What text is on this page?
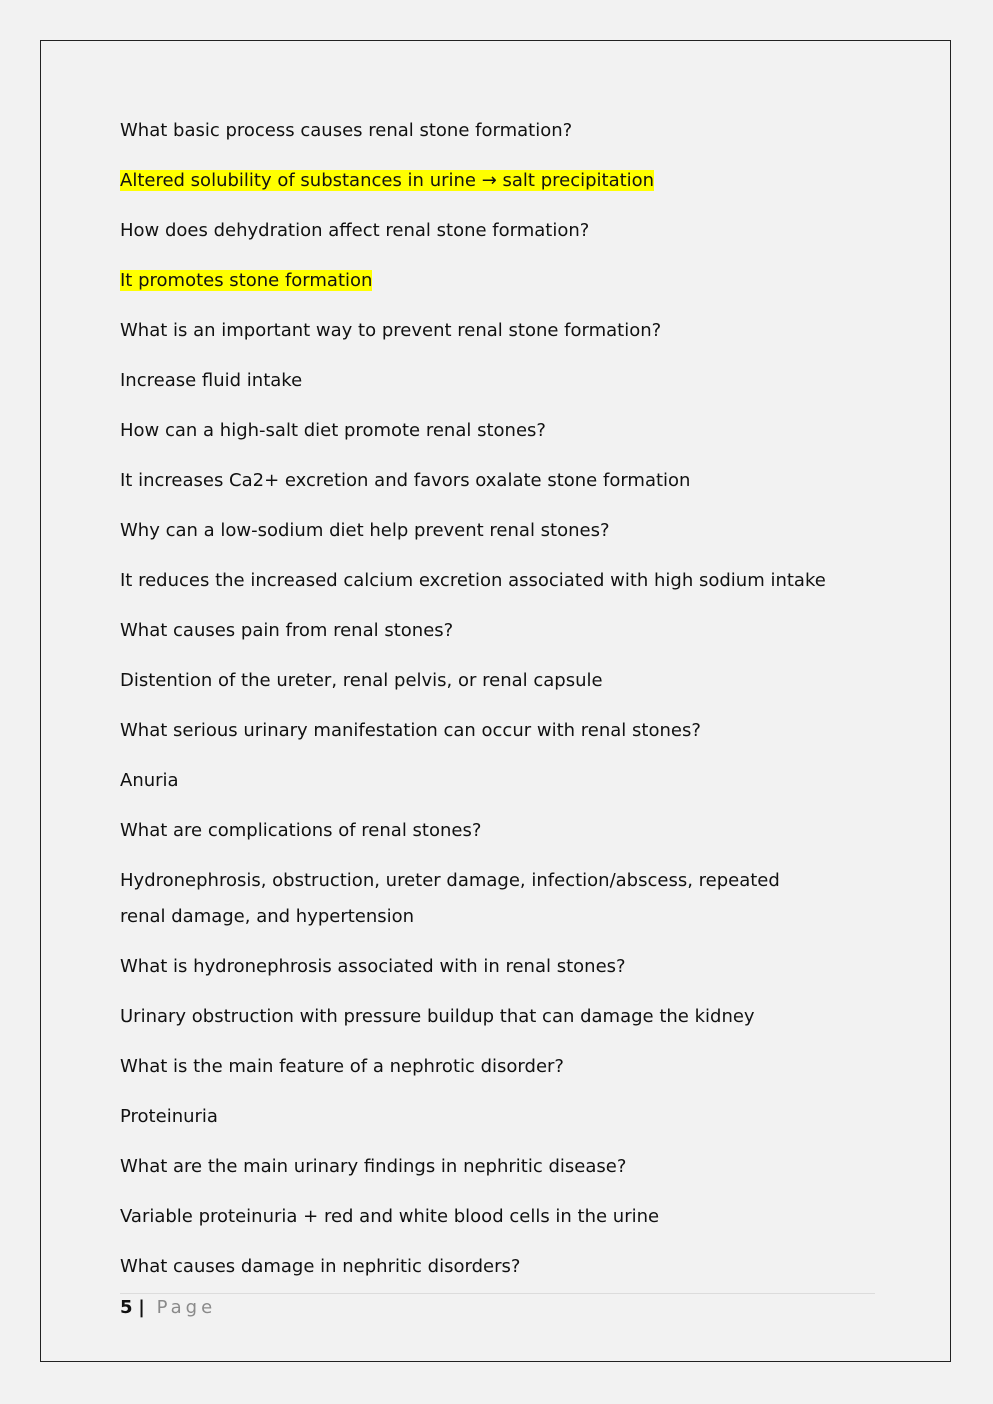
What basic process causes renal stone formation?
Altered solubility of substances in urine → salt precipitation
How does dehydration affect renal stone formation?
It promotes stone formation
What is an important way to prevent renal stone formation?
Increase fluid intake
How can a high-salt diet promote renal stones?
It increases Ca2+ excretion and favors oxalate stone formation
Why can a low-sodium diet help prevent renal stones?
It reduces the increased calcium excretion associated with high sodium intake
What causes pain from renal stones?
Distention of the ureter, renal pelvis, or renal capsule
What serious urinary manifestation can occur with renal stones?
Anuria
What are complications of renal stones?
Hydronephrosis, obstruction, ureter damage, infection/abscess, repeated renal damage, and hypertension
What is hydronephrosis associated with in renal stones?
Urinary obstruction with pressure buildup that can damage the kidney
What is the main feature of a nephrotic disorder?
Proteinuria
What are the main urinary findings in nephritic disease?
Variable proteinuria + red and white blood cells in the urine
What causes damage in nephritic disorders?
5 | Page
